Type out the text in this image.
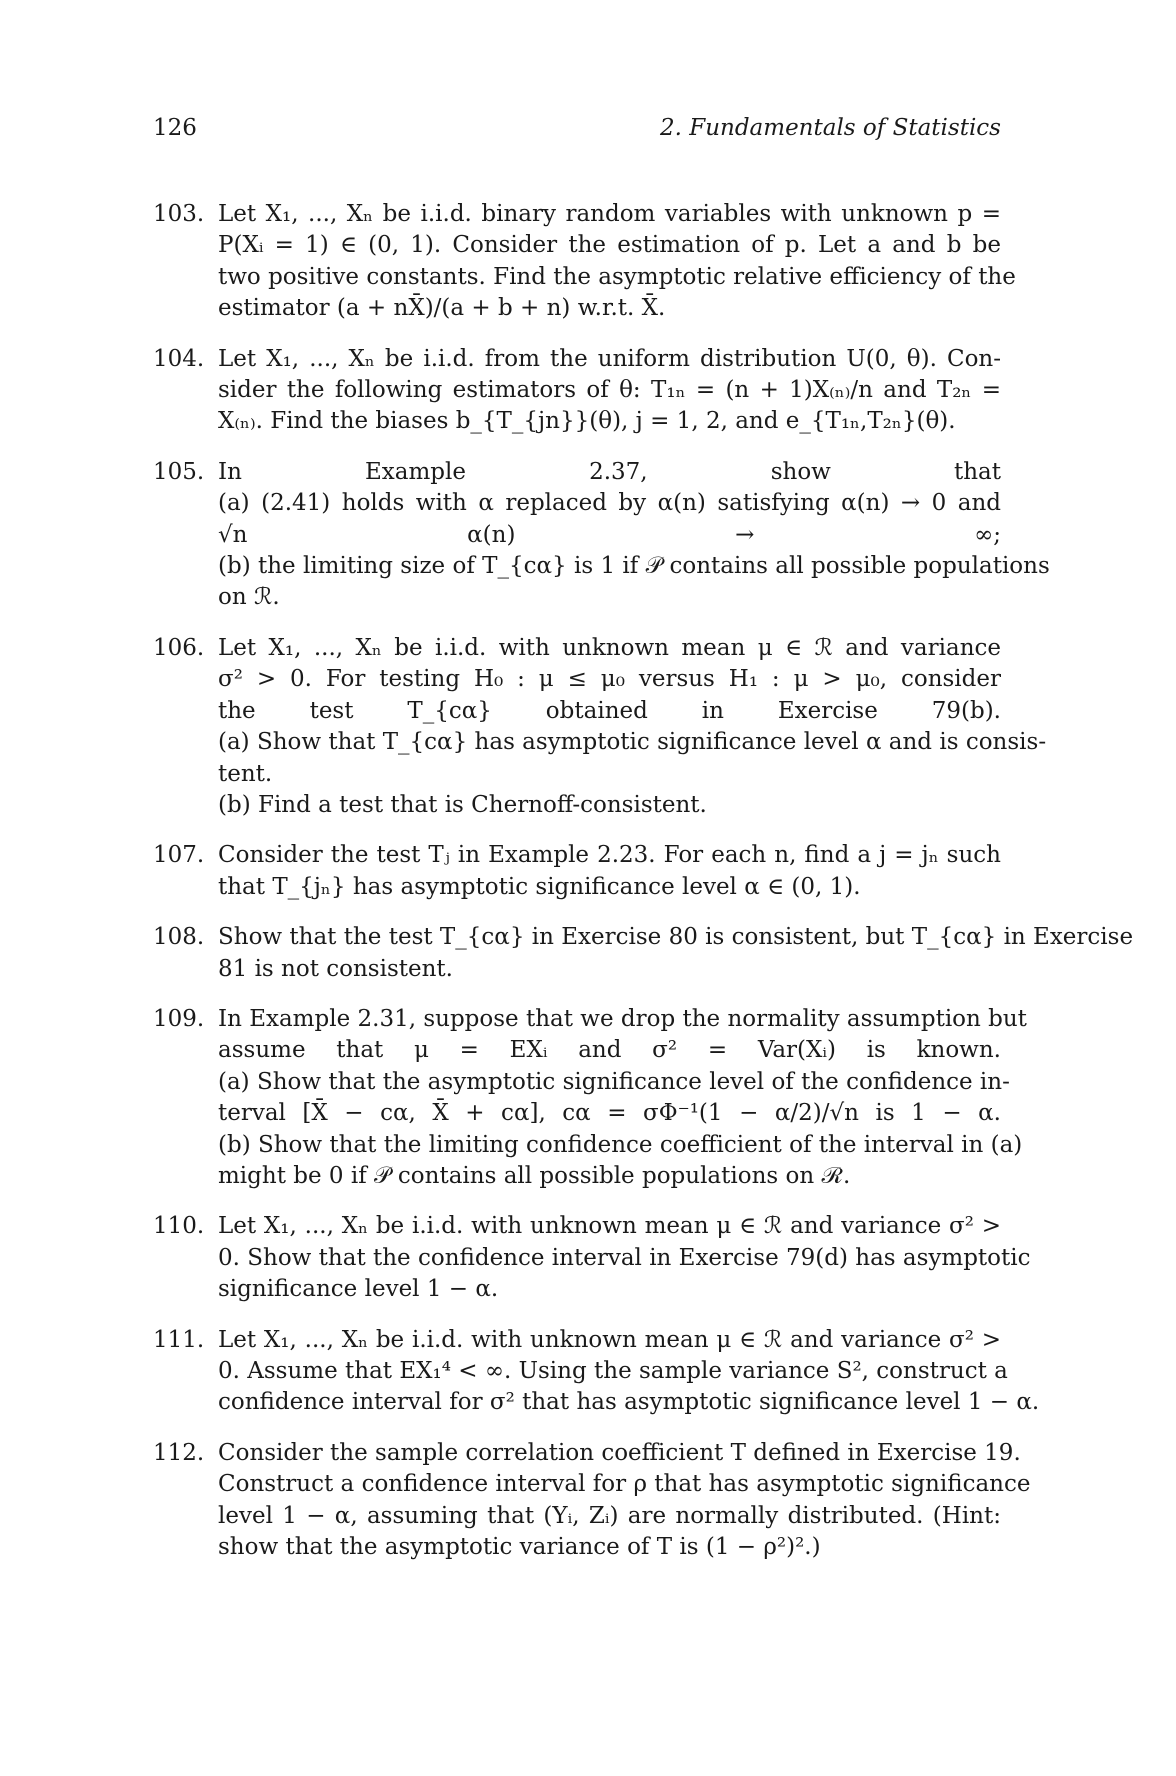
126	2. Fundamentals of Statistics
103. Let X₁, ..., Xₙ be i.i.d. binary random variables with unknown p =
P(Xᵢ = 1) ∈ (0, 1). Consider the estimation of p. Let a and b be
two positive constants. Find the asymptotic relative efficiency of the
estimator (a + nX̄)/(a + b + n) w.r.t. X̄.
104. Let X₁, ..., Xₙ be i.i.d. from the uniform distribution U(0, θ). Con-
sider the following estimators of θ: T₁ₙ = (n + 1)X₍ₙ₎/n and T₂ₙ =
X₍ₙ₎. Find the biases b_{T_{jn}}(θ), j = 1, 2, and e_{T₁ₙ,T₂ₙ}(θ).
105. In Example 2.37, show that
(a) (2.41) holds with α replaced by α(n) satisfying α(n) → 0 and
√n α(n) → ∞;
(b) the limiting size of T_{cα} is 1 if 𝒫 contains all possible populations
on ℛ.
106. Let X₁, ..., Xₙ be i.i.d. with unknown mean μ ∈ ℛ and variance
σ² > 0. For testing H₀ : μ ≤ μ₀ versus H₁ : μ > μ₀, consider
the test T_{cα} obtained in Exercise 79(b).
(a) Show that T_{cα} has asymptotic significance level α and is consis-
tent.
(b) Find a test that is Chernoff-consistent.
107. Consider the test Tⱼ in Example 2.23. For each n, find a j = jₙ such
that T_{jₙ} has asymptotic significance level α ∈ (0, 1).
108. Show that the test T_{cα} in Exercise 80 is consistent, but T_{cα} in Exercise
81 is not consistent.
109. In Example 2.31, suppose that we drop the normality assumption but
assume that μ = EXᵢ and σ² = Var(Xᵢ) is known.
(a) Show that the asymptotic significance level of the confidence in-
terval [X̄ − cα, X̄ + cα], cα = σΦ⁻¹(1 − α/2)/√n is 1 − α.
(b) Show that the limiting confidence coefficient of the interval in (a)
might be 0 if 𝒫 contains all possible populations on ℛ.
110. Let X₁, ..., Xₙ be i.i.d. with unknown mean μ ∈ ℛ and variance σ² >
0. Show that the confidence interval in Exercise 79(d) has asymptotic
significance level 1 − α.
111. Let X₁, ..., Xₙ be i.i.d. with unknown mean μ ∈ ℛ and variance σ² >
0. Assume that EX₁⁴ < ∞. Using the sample variance S², construct a
confidence interval for σ² that has asymptotic significance level 1 − α.
112. Consider the sample correlation coefficient T defined in Exercise 19.
Construct a confidence interval for ρ that has asymptotic significance
level 1 − α, assuming that (Yᵢ, Zᵢ) are normally distributed. (Hint:
show that the asymptotic variance of T is (1 − ρ²)².)
